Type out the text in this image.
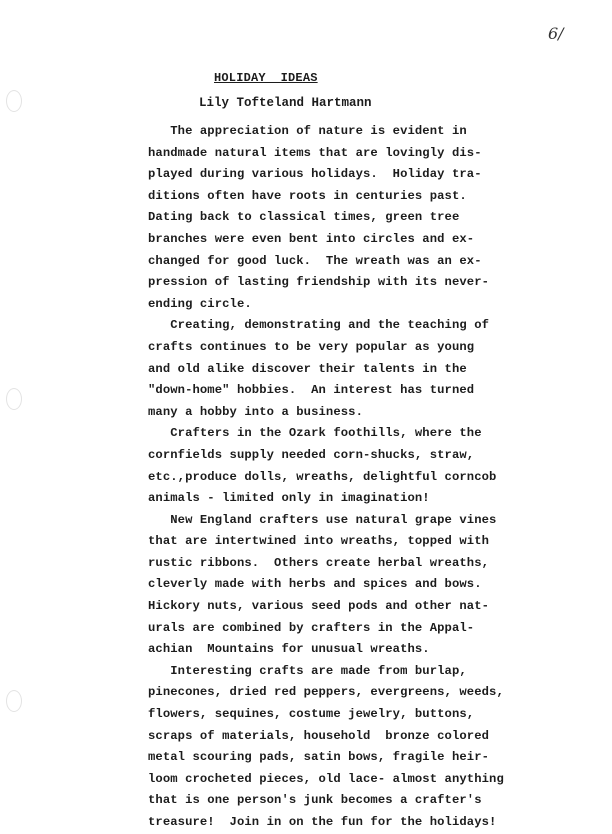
6/
HOLIDAY  IDEAS
Lily Tofteland Hartmann
The appreciation of nature is evident in
handmade natural items that are lovingly dis-
played during various holidays.  Holiday tra-
ditions often have roots in centuries past.
Dating back to classical times, green tree
branches were even bent into circles and ex-
changed for good luck.  The wreath was an ex-
pression of lasting friendship with its never-
ending circle.
Creating, demonstrating and the teaching of
crafts continues to be very popular as young
and old alike discover their talents in the
"down-home" hobbies.  An interest has turned
many a hobby into a business.
Crafters in the Ozark foothills, where the
cornfields supply needed corn-shucks, straw,
etc.,produce dolls, wreaths, delightful corncob
animals - limited only in imagination!
New England crafters use natural grape vines
that are intertwined into wreaths, topped with
rustic ribbons.  Others create herbal wreaths,
cleverly made with herbs and spices and bows.
Hickory nuts, various seed pods and other nat-
urals are combined by crafters in the Appal-
achian  Mountains for unusual wreaths.
Interesting crafts are made from burlap,
pinecones, dried red peppers, evergreens, weeds,
flowers, sequines, costume jewelry, buttons,
scraps of materials, household  bronze colored
metal scouring pads, satin bows, fragile heir-
loom crocheted pieces, old lace- almost anything
that is one person's junk becomes a crafter's
treasure!  Join in on the fun for the holidays!
